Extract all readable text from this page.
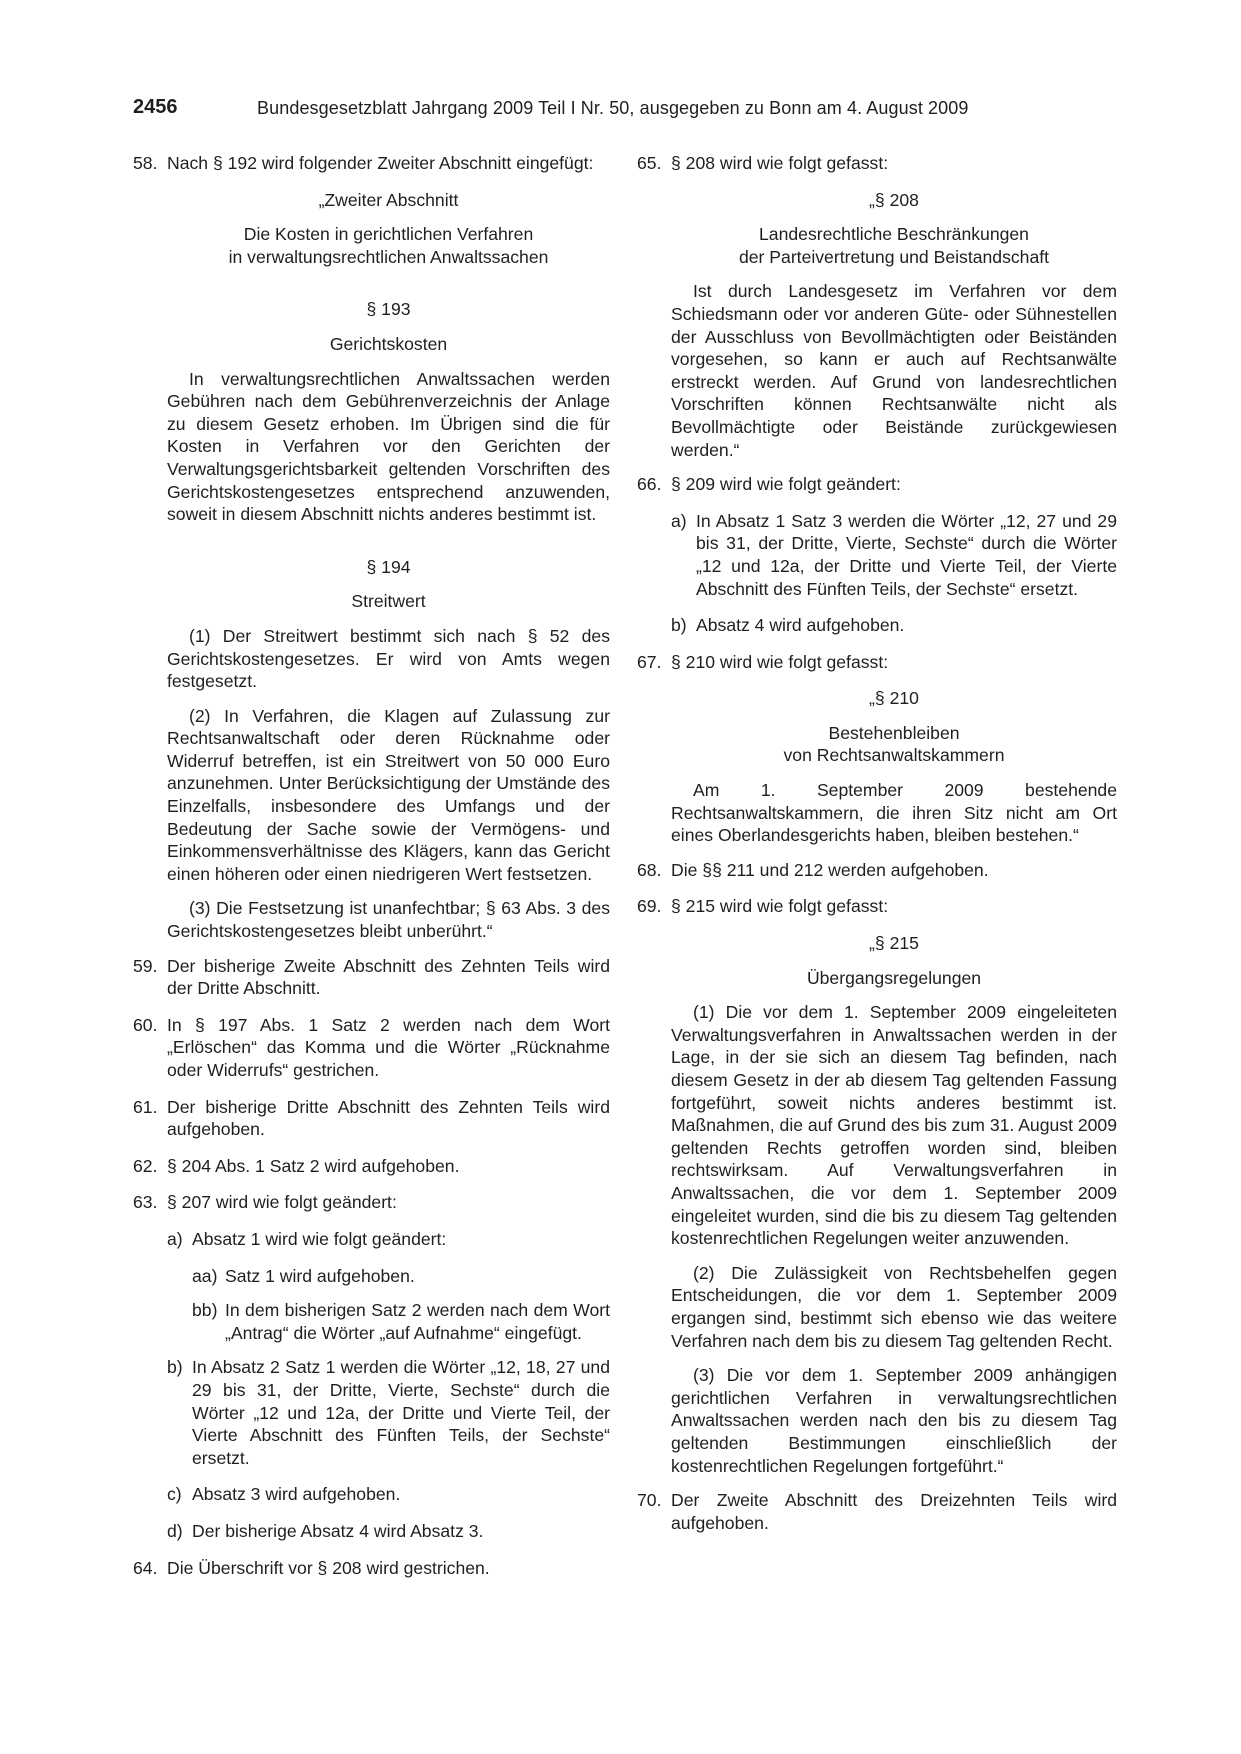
2456	Bundesgesetzblatt Jahrgang 2009 Teil I Nr. 50, ausgegeben zu Bonn am 4. August 2009
58. Nach § 192 wird folgender Zweiter Abschnitt eingefügt:
„Zweiter Abschnitt
Die Kosten in gerichtlichen Verfahren
in verwaltungsrechtlichen Anwaltssachen
§ 193
Gerichtskosten
In verwaltungsrechtlichen Anwaltssachen werden Gebühren nach dem Gebührenverzeichnis der Anlage zu diesem Gesetz erhoben. Im Übrigen sind die für Kosten in Verfahren vor den Gerichten der Verwaltungsgerichtsbarkeit geltenden Vorschriften des Gerichtskostengesetzes entsprechend anzuwenden, soweit in diesem Abschnitt nichts anderes bestimmt ist.
§ 194
Streitwert
(1) Der Streitwert bestimmt sich nach § 52 des Gerichtskostengesetzes. Er wird von Amts wegen festgesetzt.
(2) In Verfahren, die Klagen auf Zulassung zur Rechtsanwaltschaft oder deren Rücknahme oder Widerruf betreffen, ist ein Streitwert von 50 000 Euro anzunehmen. Unter Berücksichtigung der Umstände des Einzelfalls, insbesondere des Umfangs und der Bedeutung der Sache sowie der Vermögens- und Einkommensverhältnisse des Klägers, kann das Gericht einen höheren oder einen niedrigeren Wert festsetzen.
(3) Die Festsetzung ist unanfechtbar; § 63 Abs. 3 des Gerichtskostengesetzes bleibt unberührt.“
59. Der bisherige Zweite Abschnitt des Zehnten Teils wird der Dritte Abschnitt.
60. In § 197 Abs. 1 Satz 2 werden nach dem Wort „Erlöschen“ das Komma und die Wörter „Rücknahme oder Widerrufs“ gestrichen.
61. Der bisherige Dritte Abschnitt des Zehnten Teils wird aufgehoben.
62. § 204 Abs. 1 Satz 2 wird aufgehoben.
63. § 207 wird wie folgt geändert:
a) Absatz 1 wird wie folgt geändert:
aa) Satz 1 wird aufgehoben.
bb) In dem bisherigen Satz 2 werden nach dem Wort „Antrag“ die Wörter „auf Aufnahme“ eingefügt.
b) In Absatz 2 Satz 1 werden die Wörter „12, 18, 27 und 29 bis 31, der Dritte, Vierte, Sechste“ durch die Wörter „12 und 12a, der Dritte und Vierte Teil, der Vierte Abschnitt des Fünften Teils, der Sechste“ ersetzt.
c) Absatz 3 wird aufgehoben.
d) Der bisherige Absatz 4 wird Absatz 3.
64. Die Überschrift vor § 208 wird gestrichen.
65. § 208 wird wie folgt gefasst:
„§ 208
Landesrechtliche Beschränkungen
der Parteivertretung und Beistandschaft
Ist durch Landesgesetz im Verfahren vor dem Schiedsmann oder vor anderen Güte- oder Sühnestellen der Ausschluss von Bevollmächtigten oder Beiständen vorgesehen, so kann er auch auf Rechtsanwälte erstreckt werden. Auf Grund von landesrechtlichen Vorschriften können Rechtsanwälte nicht als Bevollmächtigte oder Beistände zurückgewiesen werden.“
66. § 209 wird wie folgt geändert:
a) In Absatz 1 Satz 3 werden die Wörter „12, 27 und 29 bis 31, der Dritte, Vierte, Sechste“ durch die Wörter „12 und 12a, der Dritte und Vierte Teil, der Vierte Abschnitt des Fünften Teils, der Sechste“ ersetzt.
b) Absatz 4 wird aufgehoben.
67. § 210 wird wie folgt gefasst:
„§ 210
Bestehenbleiben
von Rechtsanwaltskammern
Am 1. September 2009 bestehende Rechtsanwaltskammern, die ihren Sitz nicht am Ort eines Oberlandesgerichts haben, bleiben bestehen.“
68. Die §§ 211 und 212 werden aufgehoben.
69. § 215 wird wie folgt gefasst:
„§ 215
Übergangsregelungen
(1) Die vor dem 1. September 2009 eingeleiteten Verwaltungsverfahren in Anwaltssachen werden in der Lage, in der sie sich an diesem Tag befinden, nach diesem Gesetz in der ab diesem Tag geltenden Fassung fortgeführt, soweit nichts anderes bestimmt ist. Maßnahmen, die auf Grund des bis zum 31. August 2009 geltenden Rechts getroffen worden sind, bleiben rechtswirksam. Auf Verwaltungsverfahren in Anwaltssachen, die vor dem 1. September 2009 eingeleitet wurden, sind die bis zu diesem Tag geltenden kostenrechtlichen Regelungen weiter anzuwenden.
(2) Die Zulässigkeit von Rechtsbehelfen gegen Entscheidungen, die vor dem 1. September 2009 ergangen sind, bestimmt sich ebenso wie das weitere Verfahren nach dem bis zu diesem Tag geltenden Recht.
(3) Die vor dem 1. September 2009 anhängigen gerichtlichen Verfahren in verwaltungsrechtlichen Anwaltssachen werden nach den bis zu diesem Tag geltenden Bestimmungen einschließlich der kostenrechtlichen Regelungen fortgeführt.“
70. Der Zweite Abschnitt des Dreizehnten Teils wird aufgehoben.
